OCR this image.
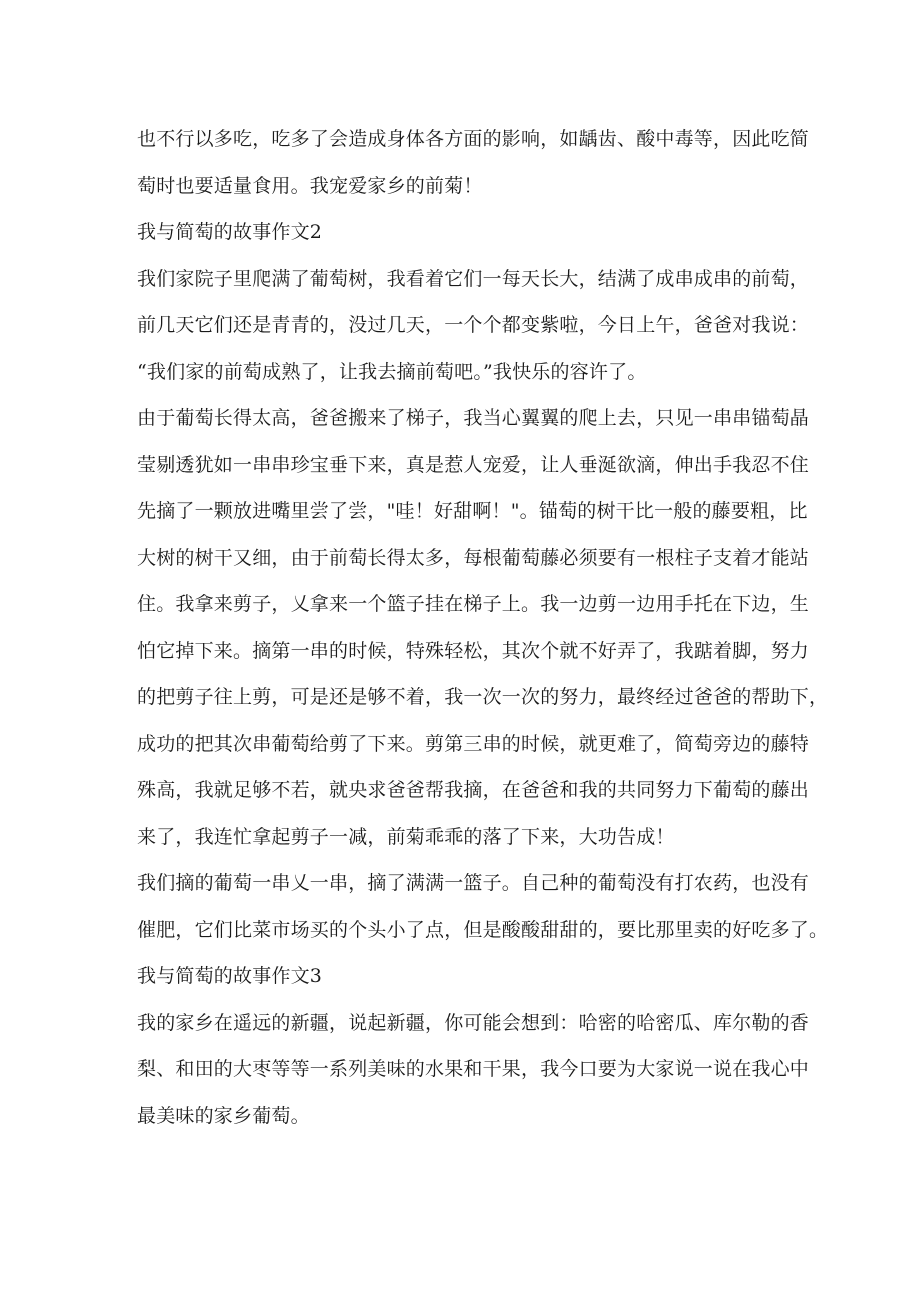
也不行以多吃，吃多了会造成身体各方面的影响，如龋齿、酸中毒等，因此吃简
萄时也要适量食用。我宠爱家乡的前菊！
我与简萄的故事作文2
我们家院子里爬满了葡萄树，我看着它们一每天长大，结满了成串成串的前萄，
前几天它们还是青青的，没过几天，一个个都变紫啦，今日上午，爸爸对我说：
“我们家的前萄成熟了，让我去摘前萄吧。”我快乐的容许了。
由于葡萄长得太高，爸爸搬来了梯子，我当心翼翼的爬上去，只见一串串锚萄晶
莹剔透犹如一串串珍宝垂下来，真是惹人宠爱，让人垂涎欲滴，伸出手我忍不住
先摘了一颗放进嘴里尝了尝，"哇！好甜啊！"。锚萄的树干比一般的藤要粗，比
大树的树干又细，由于前萄长得太多，每根葡萄藤必须要有一根柱子支着才能站
住。我拿来剪子，乂拿来一个篮子挂在梯子上。我一边剪一边用手托在下边，生
怕它掉下来。摘第一串的时候，特殊轻松，其次个就不好弄了，我踮着脚，努力
的把剪子往上剪，可是还是够不着，我一次一次的努力，最终经过爸爸的帮助下，
成功的把其次串葡萄给剪了下来。剪第三串的时候，就更难了，简萄旁边的藤特
殊高，我就足够不若，就央求爸爸帮我摘，在爸爸和我的共同努力下葡萄的藤出
来了，我连忙拿起剪子一减，前菊乖乖的落了下来，大功告成！
我们摘的葡萄一串乂一串，摘了满满一篮子。自己种的葡萄没有打农药，也没有
催肥，它们比菜市场买的个头小了点，但是酸酸甜甜的，要比那里卖的好吃多了。
我与简萄的故事作文3
我的家乡在遥远的新疆，说起新疆，你可能会想到：哈密的哈密瓜、库尔勒的香
梨、和田的大枣等等一系列美味的水果和干果，我今口要为大家说一说在我心中
最美味的家乡葡萄。
